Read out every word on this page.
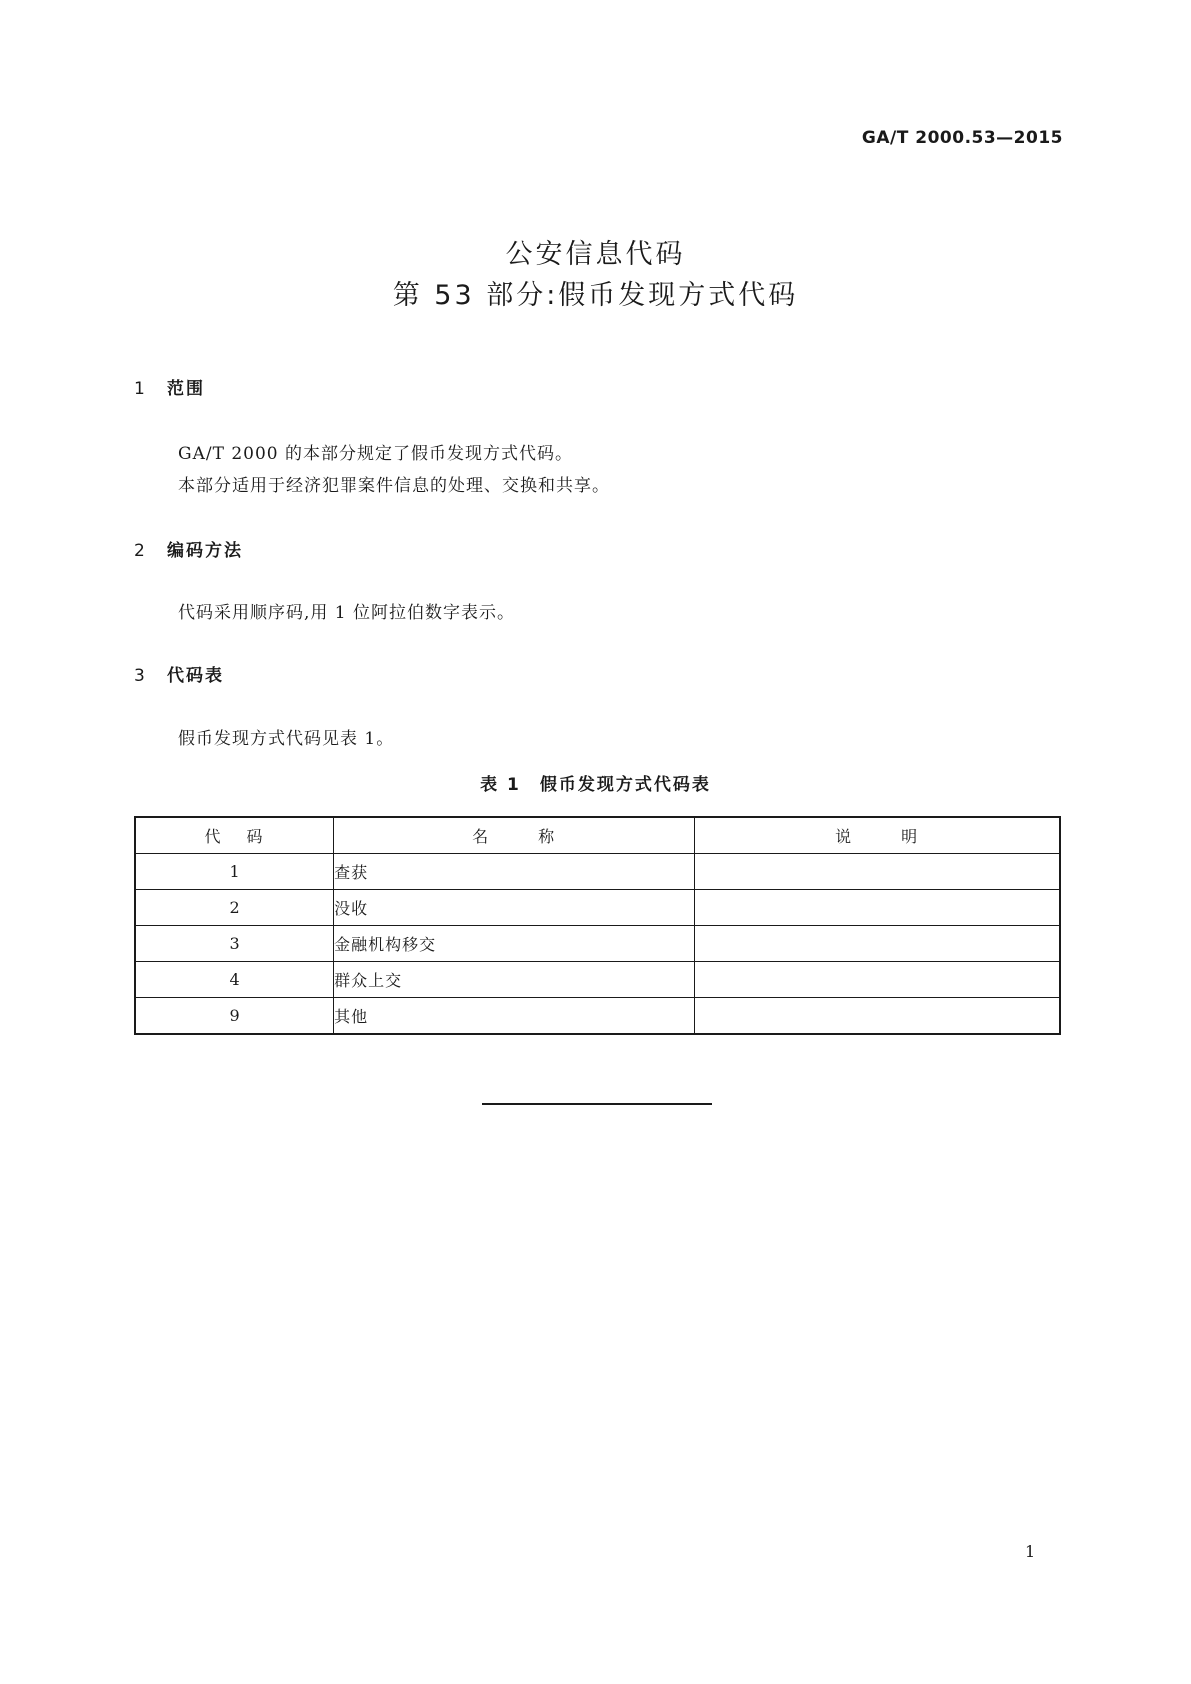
GA/T 2000.53—2015
公安信息代码
第 53 部分:假币发现方式代码
1 范围
GA/T 2000 的本部分规定了假币发现方式代码。
本部分适用于经济犯罪案件信息的处理、交换和共享。
2 编码方法
代码采用顺序码,用 1 位阿拉伯数字表示。
3 代码表
假币发现方式代码见表 1。
表 1　假币发现方式代码表
代 码	名 称	说 明
1	查获	
2	没收	
3	金融机构移交	
4	群众上交	
9	其他	
1
